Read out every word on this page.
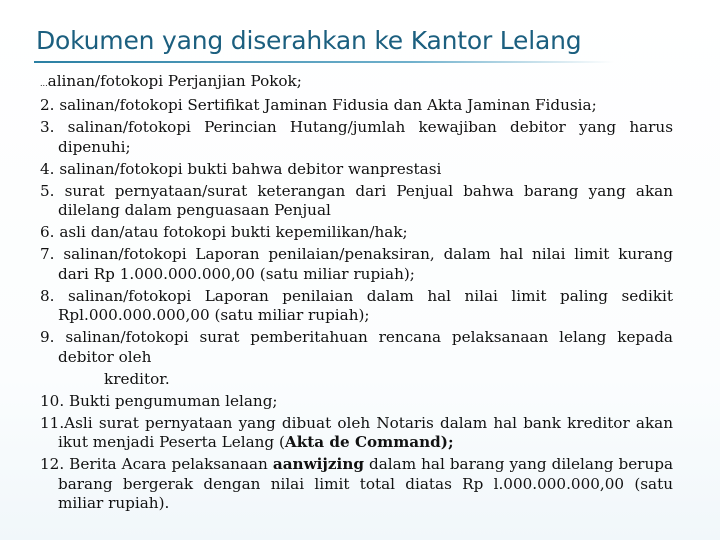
Dokumen yang diserahkan ke Kantor Lelang
...alinan/fotokopi Perjanjian Pokok;
2. salinan/fotokopi Sertifikat Jaminan Fidusia dan Akta Jaminan Fidusia;
3. salinan/fotokopi Perincian Hutang/jumlah kewajiban debitor yang harus dipenuhi;
4. salinan/fotokopi bukti bahwa debitor wanprestasi
5. surat pernyataan/surat keterangan dari Penjual bahwa barang yang akan dilelang dalam penguasaan Penjual
6. asli dan/atau fotokopi bukti kepemilikan/hak;
7. salinan/fotokopi Laporan penilaian/penaksiran, dalam hal nilai limit kurang dari Rp 1.000.000.000,00 (satu miliar rupiah);
8. salinan/fotokopi Laporan penilaian dalam hal nilai limit paling sedikit Rpl.000.000.000,00 (satu miliar rupiah);
9. salinan/fotokopi surat pemberitahuan rencana pelaksanaan lelang kepada debitor oleh
kreditor.
10. Bukti pengumuman lelang;
11.Asli surat pernyataan yang dibuat oleh Notaris dalam hal bank kreditor akan ikut menjadi Peserta Lelang (Akta de Command);
12. Berita Acara pelaksanaan aanwijzing dalam hal barang yang dilelang berupa barang bergerak dengan nilai limit total diatas Rp l.000.000.000,00 (satu miliar rupiah).
